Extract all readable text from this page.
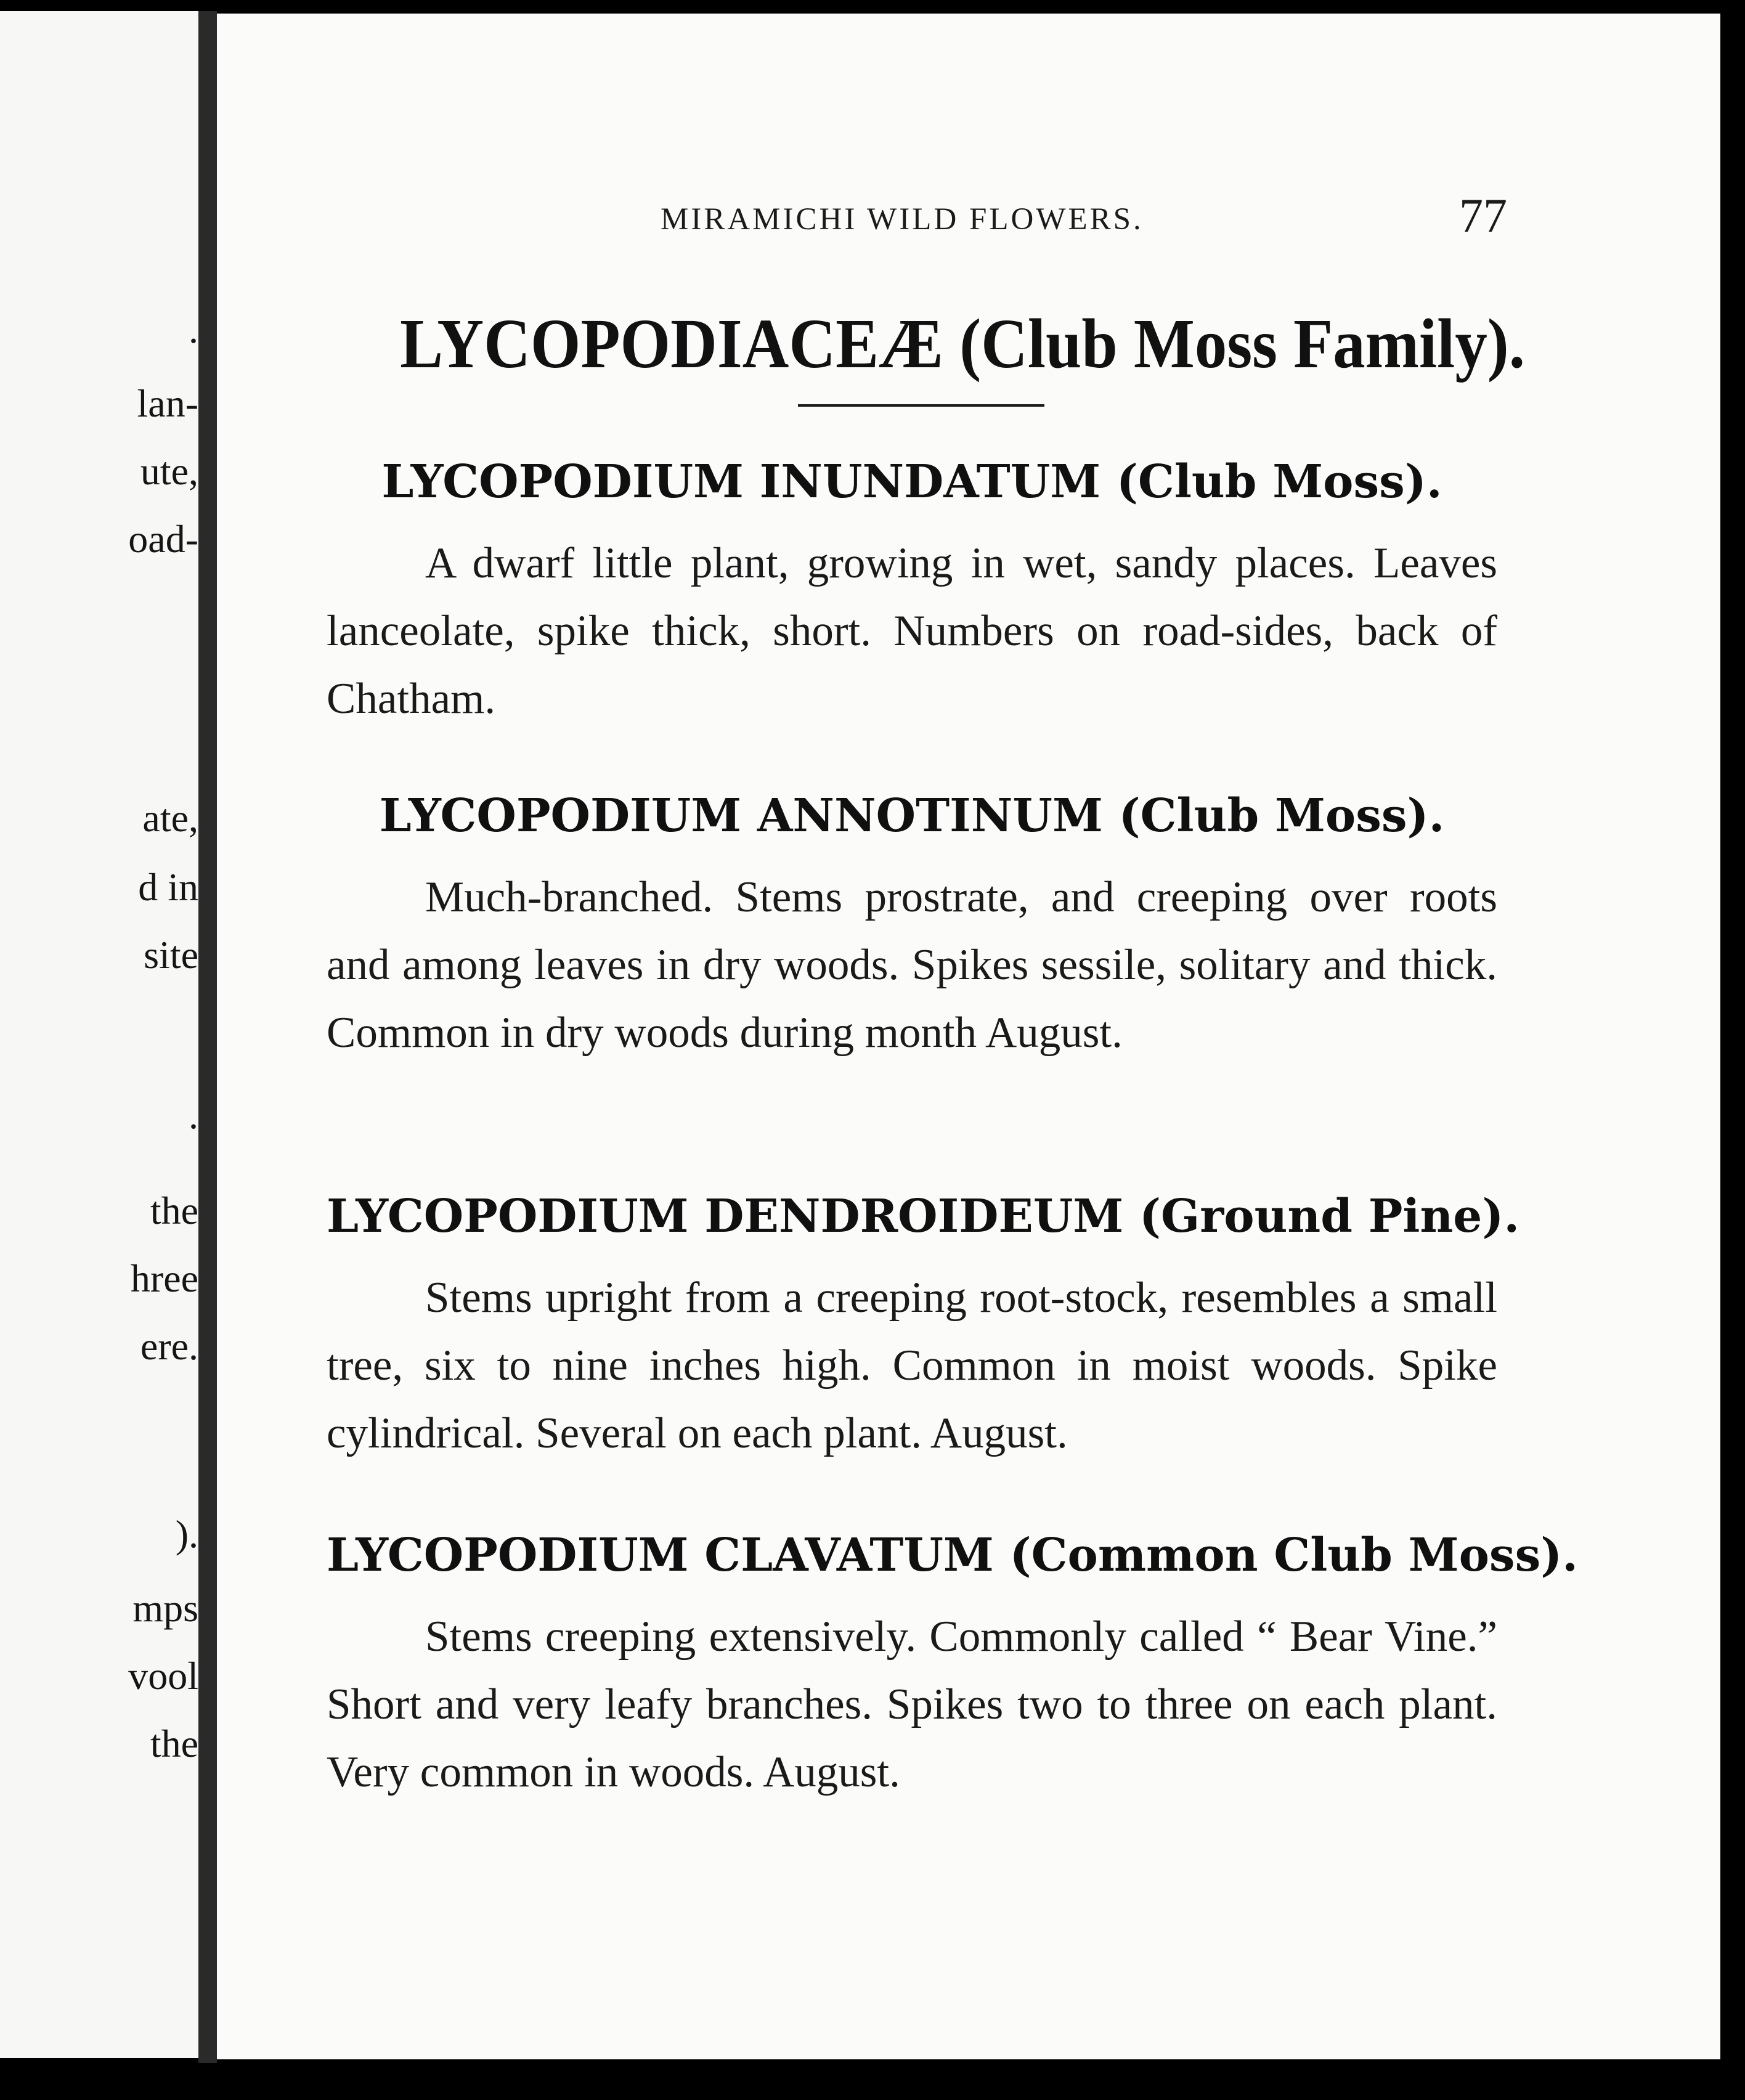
.

lan-

ute,

oad-

ate,

d in

site

.

the

hree

ere.

).

mps

vool

the

MIRAMICHI WILD FLOWERS.	77

LYCOPODIACEÆ (Club Moss Family).
LYCOPODIUM INUNDATUM (Club Moss).

A dwarf little plant, growing in wet, sandy places. Leaves lanceolate, spike thick, short. Numbers on road-sides, back of Chatham.

LYCOPODIUM ANNOTINUM (Club Moss).

Much-branched. Stems prostrate, and creeping over roots and among leaves in dry woods. Spikes sessile, solitary and thick. Common in dry woods during month August.

LYCOPODIUM DENDROIDEUM (Ground Pine).

Stems upright from a creeping root-stock, resembles a small tree, six to nine inches high. Common in moist woods. Spike cylindrical. Several on each plant. August.

LYCOPODIUM CLAVATUM (Common Club Moss).

Stems creeping extensively. Commonly called “ Bear Vine.” Short and very leafy branches. Spikes two to three on each plant. Very common in woods. August.
